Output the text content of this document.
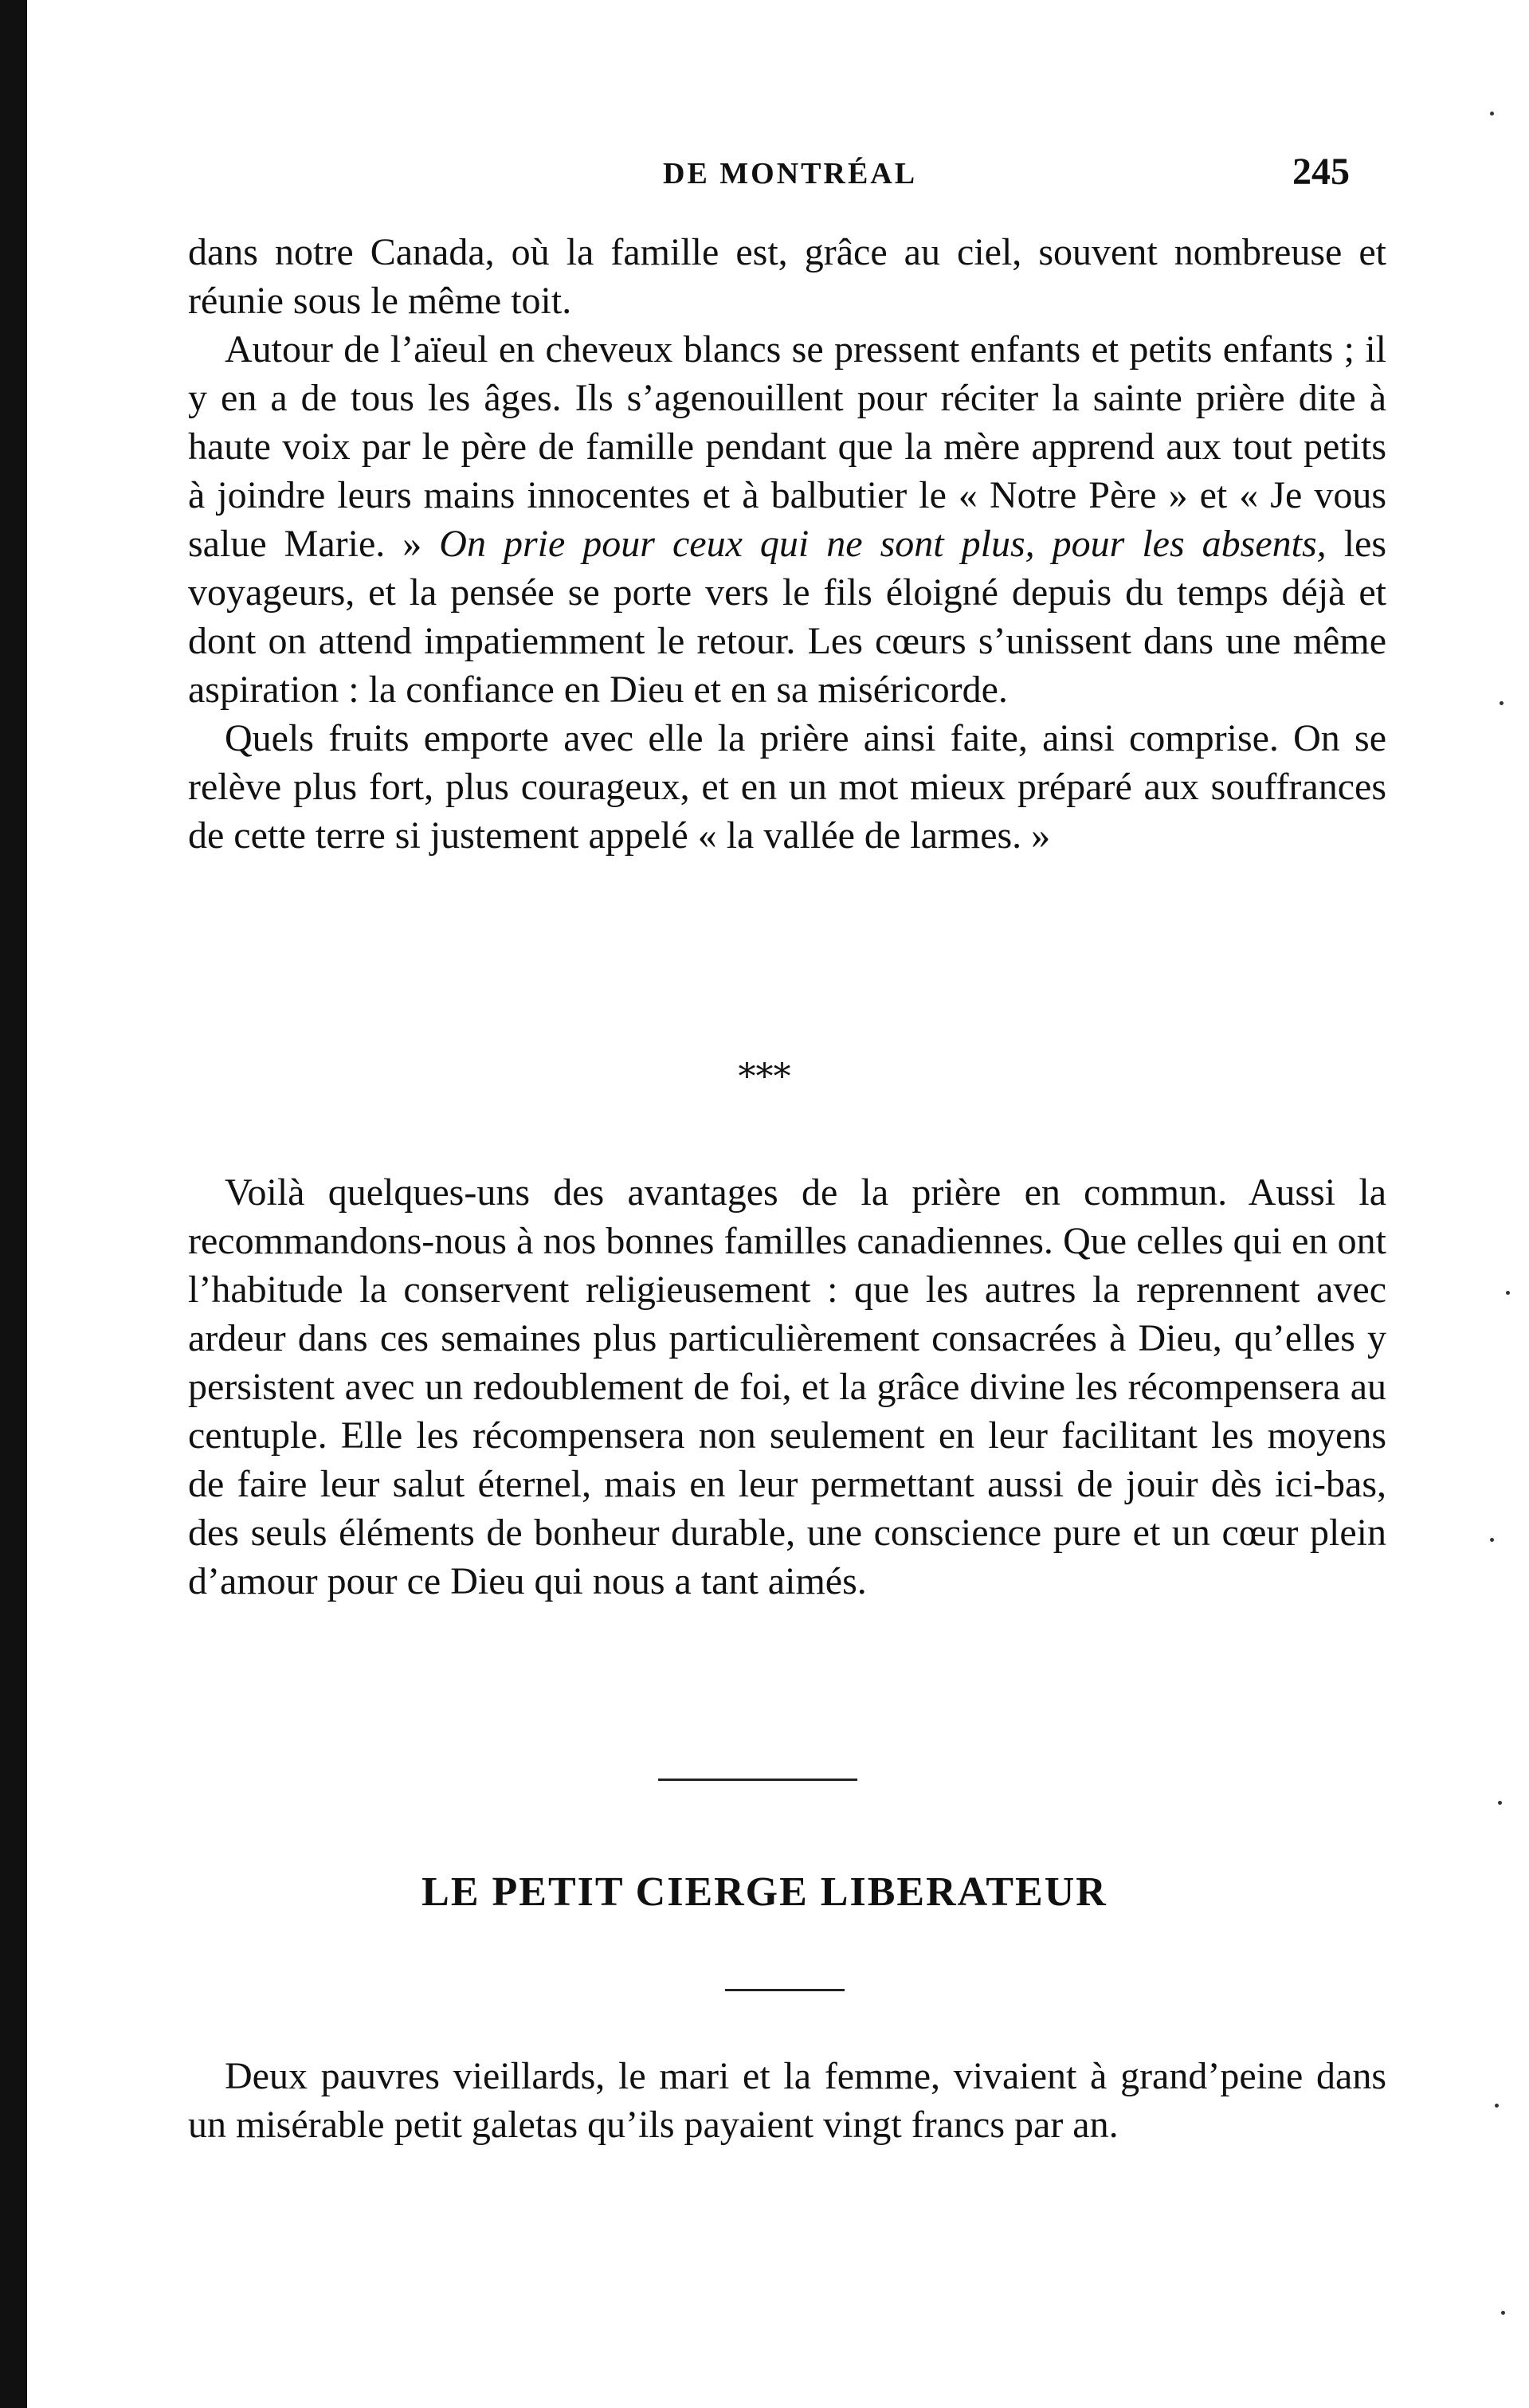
DE MONTRÉAL	245

dans notre Canada, où la famille est, grâce au ciel, souvent nombreuse et réunie sous le même toit.

Autour de l’aïeul en cheveux blancs se pressent enfants et petits enfants ; il y en a de tous les âges. Ils s’agenouillent pour réciter la sainte prière dite à haute voix par le père de famille pendant que la mère apprend aux tout petits à joindre leurs mains innocentes et à balbutier le « Notre Père » et « Je vous salue Marie. » On prie pour ceux qui ne sont plus, pour les absents, les voyageurs, et la pensée se porte vers le fils éloigné depuis du temps déjà et dont on attend impatiemment le retour. Les cœurs s’unissent dans une même aspiration : la confiance en Dieu et en sa miséricorde.

Quels fruits emporte avec elle la prière ainsi faite, ainsi comprise. On se relève plus fort, plus courageux, et en un mot mieux préparé aux souffrances de cette terre si justement appelé « la vallée de larmes. »

***

Voilà quelques-uns des avantages de la prière en commun. Aussi la recommandons-nous à nos bonnes familles canadiennes. Que celles qui en ont l’habitude la conservent religieusement : que les autres la reprennent avec ardeur dans ces semaines plus particulièrement consacrées à Dieu, qu’elles y persistent avec un redoublement de foi, et la grâce divine les récompensera au centuple. Elle les récompensera non seulement en leur facilitant les moyens de faire leur salut éternel, mais en leur permettant aussi de jouir dès ici-bas, des seuls éléments de bonheur durable, une conscience pure et un cœur plein d’amour pour ce Dieu qui nous a tant aimés.

LE PETIT CIERGE LIBERATEUR

Deux pauvres vieillards, le mari et la femme, vivaient à grand’peine dans un misérable petit galetas qu’ils payaient vingt francs par an.
